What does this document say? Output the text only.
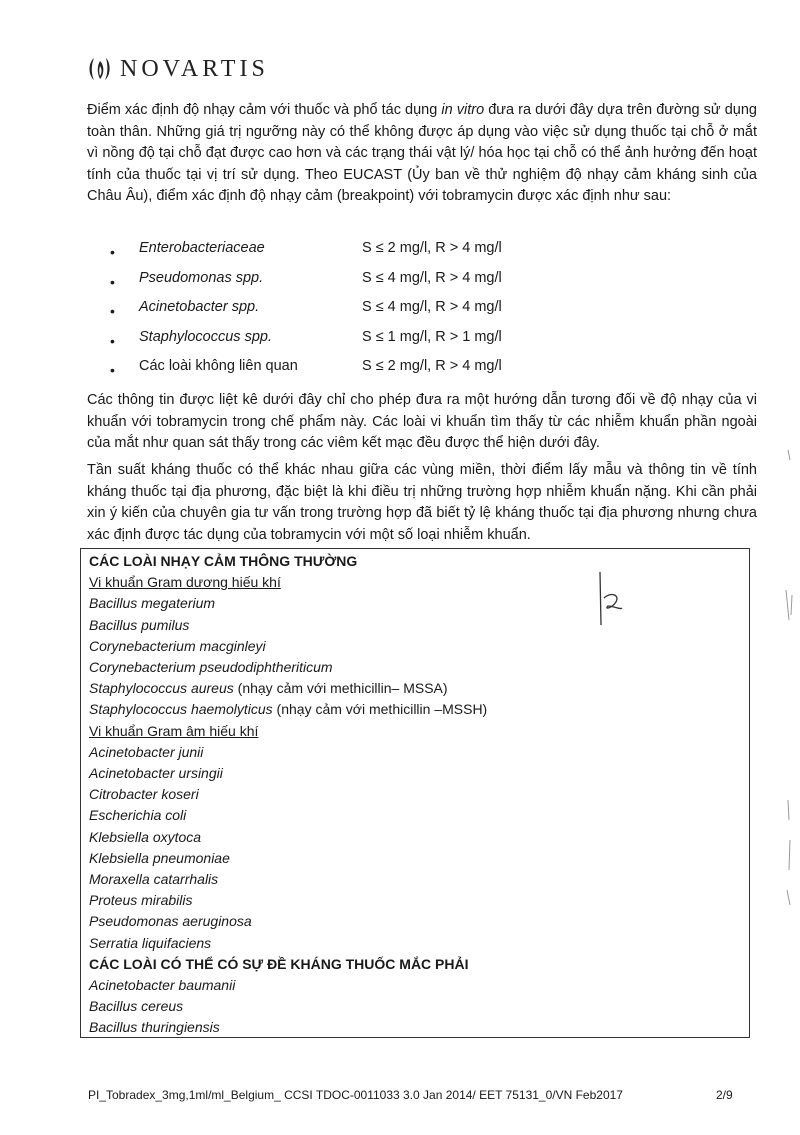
NOVARTIS
Điểm xác định độ nhạy cảm với thuốc và phổ tác dụng in vitro đưa ra dưới đây dựa trên đường sử dụng toàn thân. Những giá trị ngưỡng này có thể không được áp dụng vào việc sử dụng thuốc tại chỗ ở mắt vì nồng độ tại chỗ đạt được cao hơn và các trạng thái vật lý/ hóa học tại chỗ có thể ảnh hưởng đến hoạt tính của thuốc tại vị trí sử dụng. Theo EUCAST (Ủy ban về thử nghiệm độ nhạy cảm kháng sinh của Châu Âu), điểm xác định độ nhạy cảm (breakpoint) với tobramycin được xác định như sau:
• Enterobacteriaceae	S ≤ 2 mg/l, R > 4 mg/l
• Pseudomonas spp.	S ≤ 4 mg/l, R > 4 mg/l
• Acinetobacter spp.	S ≤ 4 mg/l, R > 4 mg/l
• Staphylococcus spp.	S ≤ 1 mg/l, R > 1 mg/l
• Các loài không liên quan	S ≤ 2 mg/l, R > 4 mg/l
Các thông tin được liệt kê dưới đây chỉ cho phép đưa ra một hướng dẫn tương đối về độ nhạy của vi khuẩn với tobramycin trong chế phẩm này. Các loài vi khuẩn tìm thấy từ các nhiễm khuẩn phần ngoài của mắt như quan sát thấy trong các viêm kết mạc đều được thể hiện dưới đây.
Tần suất kháng thuốc có thể khác nhau giữa các vùng miền, thời điểm lấy mẫu và thông tin về tính kháng thuốc tại địa phương, đặc biệt là khi điều trị những trường hợp nhiễm khuẩn nặng. Khi cần phải xin ý kiến của chuyên gia tư vấn trong trường hợp đã biết tỷ lệ kháng thuốc tại địa phương nhưng chưa xác định được tác dụng của tobramycin với một số loại nhiễm khuẩn.
CÁC LOÀI NHẠY CẢM THÔNG THƯỜNG
Vi khuẩn Gram dương hiếu khí
Bacillus megaterium
Bacillus pumilus
Corynebacterium macginleyi
Corynebacterium pseudodiphtheriticum
Staphylococcus aureus (nhạy cảm với methicillin– MSSA)
Staphylococcus haemolyticus (nhạy cảm với methicillin –MSSH)
Vi khuẩn Gram âm hiếu khí
Acinetobacter junii
Acinetobacter ursingii
Citrobacter koseri
Escherichia coli
Klebsiella oxytoca
Klebsiella pneumoniae
Moraxella catarrhalis
Proteus mirabilis
Pseudomonas aeruginosa
Serratia liquifaciens
CÁC LOÀI CÓ THỂ CÓ SỰ ĐỀ KHÁNG THUỐC MẮC PHẢI
Acinetobacter baumanii
Bacillus cereus
Bacillus thuringiensis
PI_Tobradex_3mg,1ml/ml_Belgium_ CCSI TDOC-0011033 3.0 Jan 2014/ EET 75131_0/VN Feb2017	2/9
